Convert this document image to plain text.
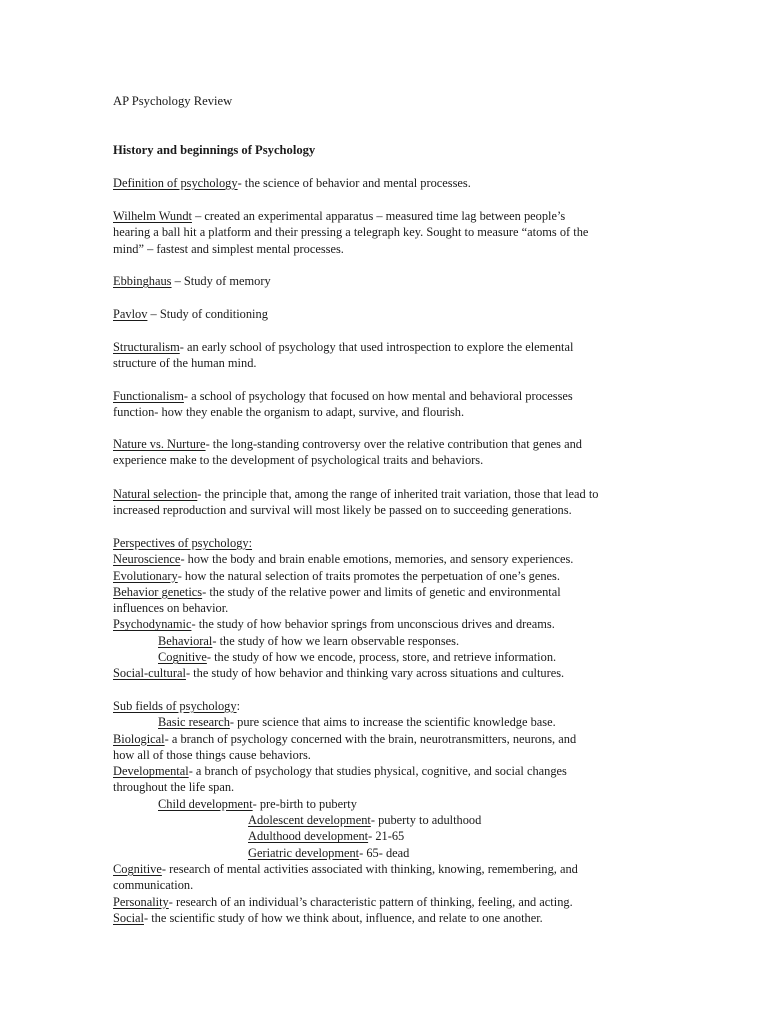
AP Psychology Review
History and beginnings of Psychology
Definition of psychology- the science of behavior and mental processes.
Wilhelm Wundt – created an experimental apparatus – measured time lag between people’s
hearing a ball hit a platform and their pressing a telegraph key. Sought to measure “atoms of the
mind” – fastest and simplest mental processes.
Ebbinghaus – Study of memory
Pavlov – Study of conditioning
Structuralism- an early school of psychology that used introspection to explore the elemental
structure of the human mind.
Functionalism- a school of psychology that focused on how mental and behavioral processes
function- how they enable the organism to adapt, survive, and flourish.
Nature vs. Nurture- the long-standing controversy over the relative contribution that genes and
experience make to the development of psychological traits and behaviors.
Natural selection- the principle that, among the range of inherited trait variation, those that lead to
increased reproduction and survival will most likely be passed on to succeeding generations.
Perspectives of psychology:
Neuroscience- how the body and brain enable emotions, memories, and sensory experiences.
Evolutionary- how the natural selection of traits promotes the perpetuation of one’s genes.
Behavior genetics- the study of the relative power and limits of genetic and environmental
influences on behavior.
Psychodynamic- the study of how behavior springs from unconscious drives and dreams.
Behavioral- the study of how we learn observable responses.
Cognitive- the study of how we encode, process, store, and retrieve information.
Social-cultural- the study of how behavior and thinking vary across situations and cultures.
Sub fields of psychology:
Basic research- pure science that aims to increase the scientific knowledge base.
Biological- a branch of psychology concerned with the brain, neurotransmitters, neurons, and
how all of those things cause behaviors.
Developmental- a branch of psychology that studies physical, cognitive, and social changes
throughout the life span.
Child development- pre-birth to puberty
Adolescent development- puberty to adulthood
Adulthood development- 21-65
Geriatric development- 65- dead
Cognitive- research of mental activities associated with thinking, knowing, remembering, and
communication.
Personality- research of an individual’s characteristic pattern of thinking, feeling, and acting.
Social- the scientific study of how we think about, influence, and relate to one another.
